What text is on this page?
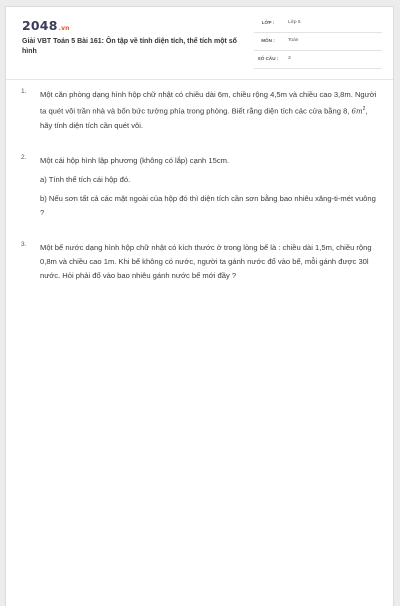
2048.vn
Giải VBT Toán 5 Bài 161: Ôn tập về tính diện tích, thể tích một số hình
LỚP :	Lớp 5
MÔN :	Toán
SỐ CÂU :	3
1. Một căn phòng dạng hình hộp chữ nhật có chiều dài 6m, chiều rộng 4,5m và chiều cao 3,8m. Người ta quét vôi trần nhà và bốn bức tường phía trong phòng. Biết rằng diện tích các cửa bằng 8, $6m^2$, hãy tính diện tích cần quét vôi.
2. Một cái hộp hình lập phương (không có lắp) cạnh 15cm.
a) Tính thể tích cái hộp đó.
b) Nếu sơn tất cả các mặt ngoài của hộp đó thì diện tích cần sơn bằng bao nhiêu xăng-ti-mét vuông ?
3. Một bể nước dạng hình hộp chữ nhật có kích thước ở trong lòng bể là : chiều dài 1,5m, chiều rộng 0,8m và chiều cao 1m. Khi bể không có nước, người ta gánh nước đổ vào bể, mỗi gánh được 30l nước. Hỏi phải đổ vào bao nhiêu gánh nước bể mới đầy ?
